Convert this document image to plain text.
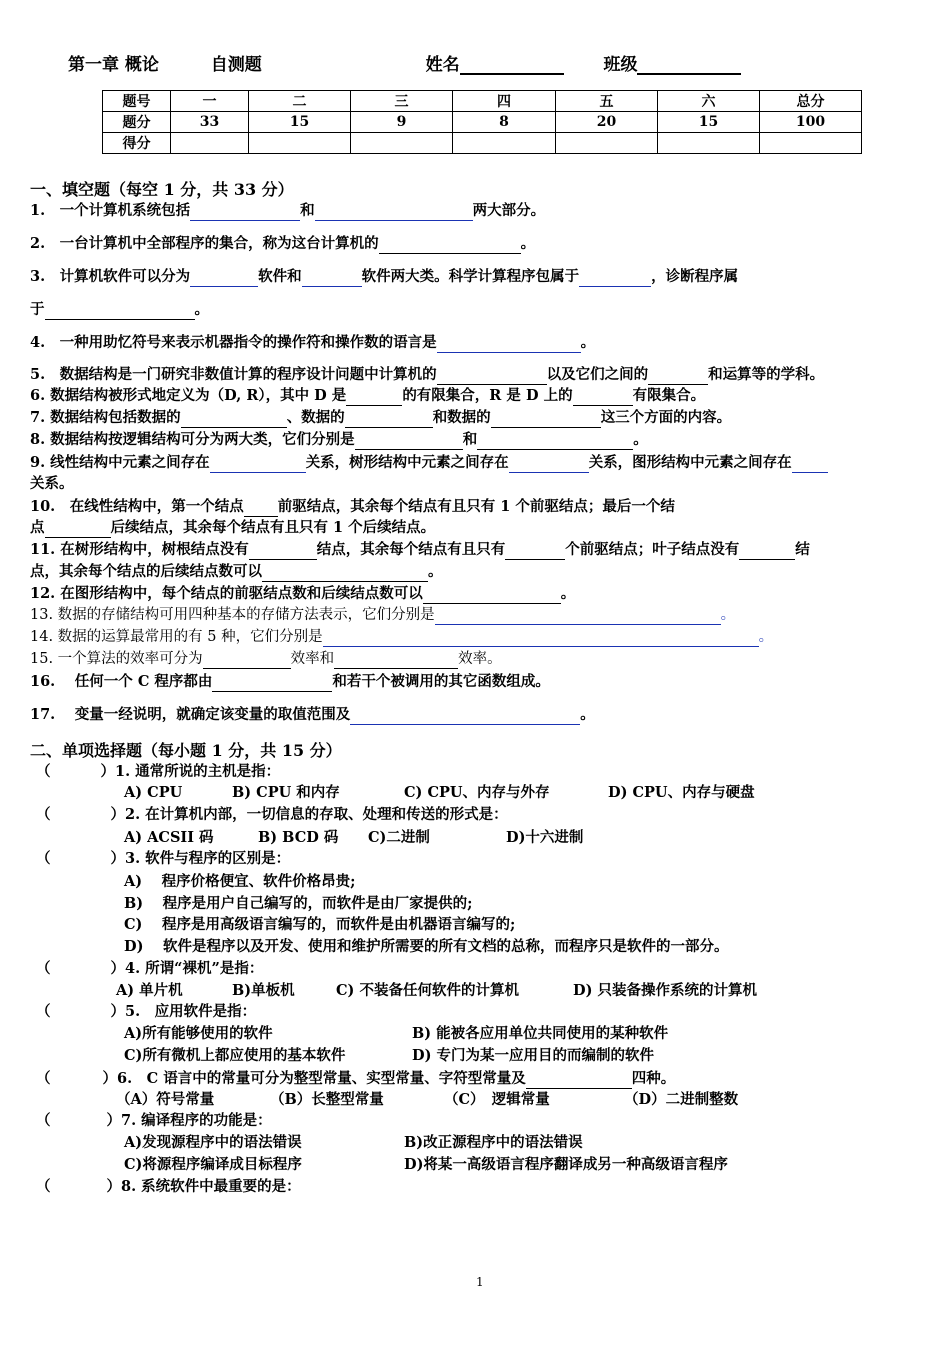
第一章 概论	自测题	姓名	班级
题号	一	二	三	四	五	六	总分
题分	33	15	9	8	20	15	100
得分							
一、填空题（每空 1 分，共 33 分）
1.　一个计算机系统包括	和	两大部分。
2.　一台计算机中全部程序的集合，称为这台计算机的	。
3.　计算机软件可以分为	软件和	软件两大类。科学计算程序包属于	，诊断程序属
于	。
4.　一种用助忆符号来表示机器指令的操作符和操作数的语言是	。
5.　数据结构是一门研究非数值计算的程序设计问题中计算机的	以及它们之间的	和运算等的学科。
6. 数据结构被形式地定义为（D, R），其中 D 是	的有限集合，R 是 D 上的	有限集合。
7. 数据结构包括数据的	、数据的	和数据的	这三个方面的内容。
8. 数据结构按逻辑结构可分为两大类，它们分别是	和	。
9. 线性结构中元素之间存在	关系，树形结构中元素之间存在	关系，图形结构中元素之间存在
关系。
10.　在线性结构中，第一个结点 前驱结点，其余每个结点有且只有 1 个前驱结点；最后一个结
点	后续结点，其余每个结点有且只有 1 个后续结点。
11. 在树形结构中，树根结点没有	结点，其余每个结点有且只有	个前驱结点；叶子结点没有	结
点，其余每个结点的后续结点数可以	。
12. 在图形结构中，每个结点的前驱结点数和后续结点数可以	。
13. 数据的存储结构可用四种基本的存储方法表示，它们分别是	。
14. 数据的运算最常用的有 5 种，它们分别是	。
15. 一个算法的效率可分为	效率和	效率。
16.　 任何一个 C 程序都由	和若干个被调用的其它函数组成。
17.　 变量一经说明，就确定该变量的取值范围及	。
二、单项选择题（每小题 1 分，共 15 分）
（	）1. 通常所说的主机是指：
A) CPU	B) CPU 和内存	C) CPU、内存与外存	D) CPU、内存与硬盘
（	）2. 在计算机内部，一切信息的存取、处理和传送的形式是：
A) ACSII 码	B) BCD 码 C)二进制	D)十六进制
（	）3. 软件与程序的区别是：
A)　 程序价格便宜、软件价格昂贵;
B)　 程序是用户自己编写的，而软件是由厂家提供的;
C)　 程序是用高级语言编写的，而软件是由机器语言编写的;
D)　 软件是程序以及开发、使用和维护所需要的所有文档的总称，而程序只是软件的一部分。
（	）4. 所谓“裸机”是指：
A) 单片机	B)单板机	C) 不装备任何软件的计算机	D) 只装备操作系统的计算机
（	）5.　应用软件是指：
A)所有能够使用的软件	B) 能被各应用单位共同使用的某种软件
C)所有微机上都应使用的基本软件	D) 专门为某一应用目的而编制的软件
（	）6.　C 语言中的常量可分为整型常量、实型常量、字符型常量及	四种。
（A）符号常量	（B）长整型常量	（C）　逻辑常量	（D）二进制整数
（	）7. 编译程序的功能是：
A)发现源程序中的语法错误	B)改正源程序中的语法错误
C)将源程序编译成目标程序	D)将某一高级语言程序翻译成另一种高级语言程序
（	）8. 系统软件中最重要的是：
1
